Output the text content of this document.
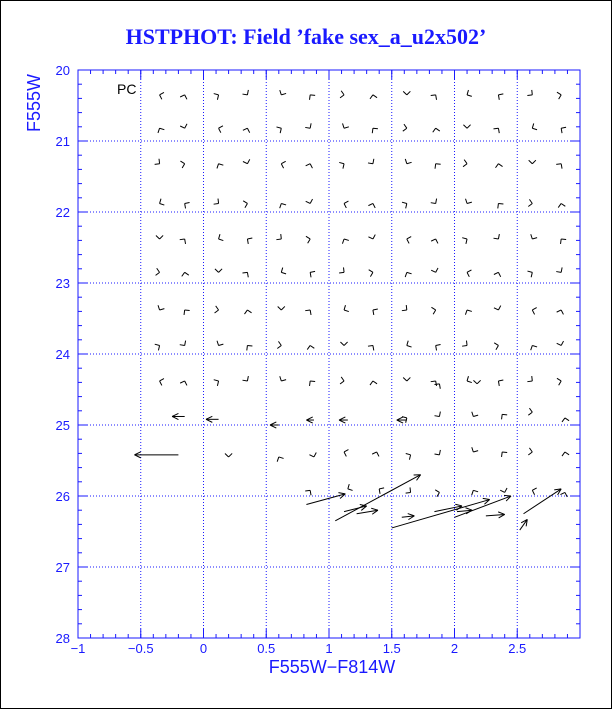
HSTPHOT: Field ’fake sex_a_u2x502’
−1	−0.5	0	0.5	1	1.5	2	2.5
20
21
22
23
24
25
26
27
28
PC
F555W−F814W
F555W
